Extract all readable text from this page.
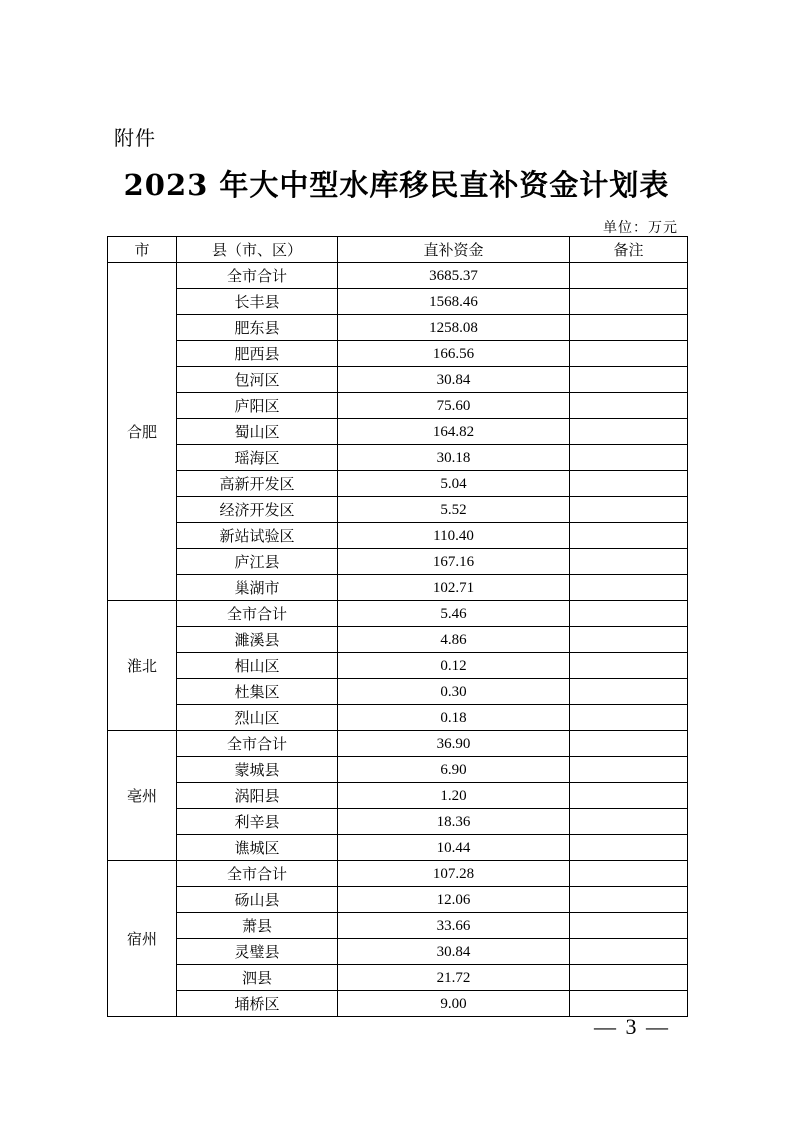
附件
2023 年大中型水库移民直补资金计划表
单位：万元
市	县（市、区）	直补资金	备注
合肥	全市合计	3685.37	
	长丰县	1568.46	
	肥东县	1258.08	
	肥西县	166.56	
	包河区	30.84	
	庐阳区	75.60	
	蜀山区	164.82	
	瑶海区	30.18	
	高新开发区	5.04	
	经济开发区	5.52	
	新站试验区	110.40	
	庐江县	167.16	
	巢湖市	102.71	
淮北	全市合计	5.46	
	濉溪县	4.86	
	相山区	0.12	
	杜集区	0.30	
	烈山区	0.18	
亳州	全市合计	36.90	
	蒙城县	6.90	
	涡阳县	1.20	
	利辛县	18.36	
	谯城区	10.44	
宿州	全市合计	107.28	
	砀山县	12.06	
	萧县	33.66	
	灵璧县	30.84	
	泗县	21.72	
	埇桥区	9.00	
— 3 —
